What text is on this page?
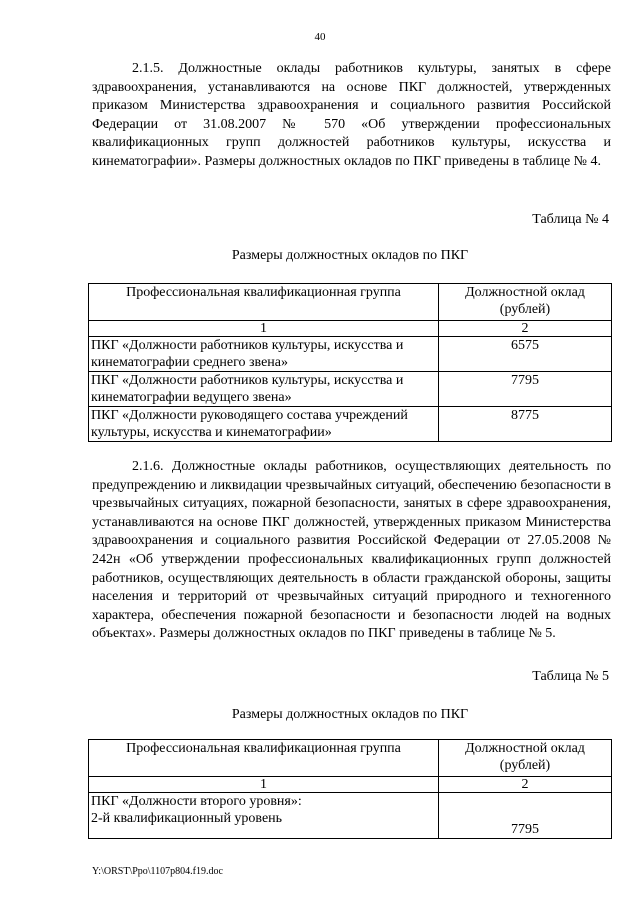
40

2.1.5. Должностные оклады работников культуры, занятых в сфере здравоохранения, устанавливаются на основе ПКГ должностей, утвержденных приказом Министерства здравоохранения и социального развития Российской Федерации от 31.08.2007 № 570 «Об утверждении профессиональных квалификационных групп должностей работников культуры, искусства и кинематографии». Размеры должностных окладов по ПКГ приведены в таблице № 4.

Таблица № 4
Размеры должностных окладов по ПКГ
Профессиональная квалификационная группа	Должностной оклад (рублей)
1	2
ПКГ «Должности работников культуры, искусства и кинематографии среднего звена»	6575
ПКГ «Должности работников культуры, искусства и кинематографии ведущего звена»	7795
ПКГ «Должности руководящего состава учреждений культуры, искусства и кинематографии»	8775

2.1.6. Должностные оклады работников, осуществляющих деятельность по предупреждению и ликвидации чрезвычайных ситуаций, обеспечению безопасности в чрезвычайных ситуациях, пожарной безопасности, занятых в сфере здравоохранения, устанавливаются на основе ПКГ должностей, утвержденных приказом Министерства здравоохранения и социального развития Российской Федерации от 27.05.2008 № 242н «Об утверждении профессиональных квалификационных групп должностей работников, осуществляющих деятельность в области гражданской обороны, защиты населения и территорий от чрезвычайных ситуаций природного и техногенного характера, обеспечения пожарной безопасности и безопасности людей на водных объектах». Размеры должностных окладов по ПКГ приведены в таблице № 5.

Таблица № 5
Размеры должностных окладов по ПКГ
Профессиональная квалификационная группа	Должностной оклад (рублей)
1	2

ПКГ «Должности второго уровня»:
2-й квалификационный уровень	7795
Y:\ORST\Ppo\1107p804.f19.doc
